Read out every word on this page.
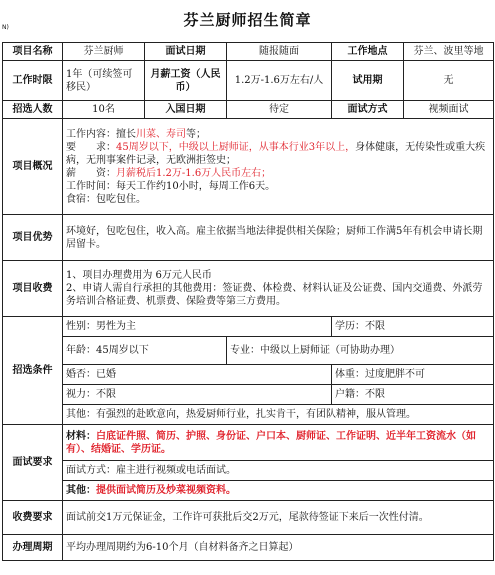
芬兰厨师招生简章
N)
项目名称	芬兰厨师	面试日期	随报随面	工作地点	芬兰、波里等地
工作时限	1年（可续签可移民）	月薪工资（人民币）	1.2万-1.6万左右/人	试用期	无
招选人数	10名	入国日期	待定	面试方式	视频面试
项目概况	工作内容：擅长川菜、寿司等；
要　　求：45周岁以下，中级以上厨师证，从事本行业3年以上，身体健康，无传染性或重大疾病，无刑事案件记录，无欧洲拒签史；
薪　　资：月薪税后1.2万-1.6万人民币左右；
工作时间：每天工作约10小时，每周工作6天。
食宿：包吃包住。				

项目优势	环境好，包吃包住，收入高。雇主依据当地法律提供相关保险；厨师工作满5年有机会申请长期居留卡。				
项目收费	1、项目办理费用为 6万元人民币
2、申请人需自行承担的其他费用：签证费、体检费、材料认证及公证费、国内交通费、外派劳务培训合格证费、机票费、保险费等第三方费用。				

招选条件	性别：男性为主			学历：不限	
	年龄：45周岁以下		专业：中级以上厨师证（可协助办理）		
	婚否：已婚			体重：过度肥胖不可	
	视力：不限			户籍：不限	
	其他：有强烈的赴欧意向，热爱厨师行业，扎实肯干，有团队精神，服从管理。				
面试要求	材料：白底证件照、简历、护照、身份证、户口本、厨师证、工作证明、近半年工资流水（如有）、结婚证、学历证。				
	面试方式：雇主进行视频或电话面试。				
	其他：提供面试简历及炒菜视频资料。				
收费要求	面试前交1万元保证金，工作许可获批后交2万元，尾款待签证下来后一次性付清。				
办理周期	平均办理周期约为6-10个月（自材料备齐之日算起）				
